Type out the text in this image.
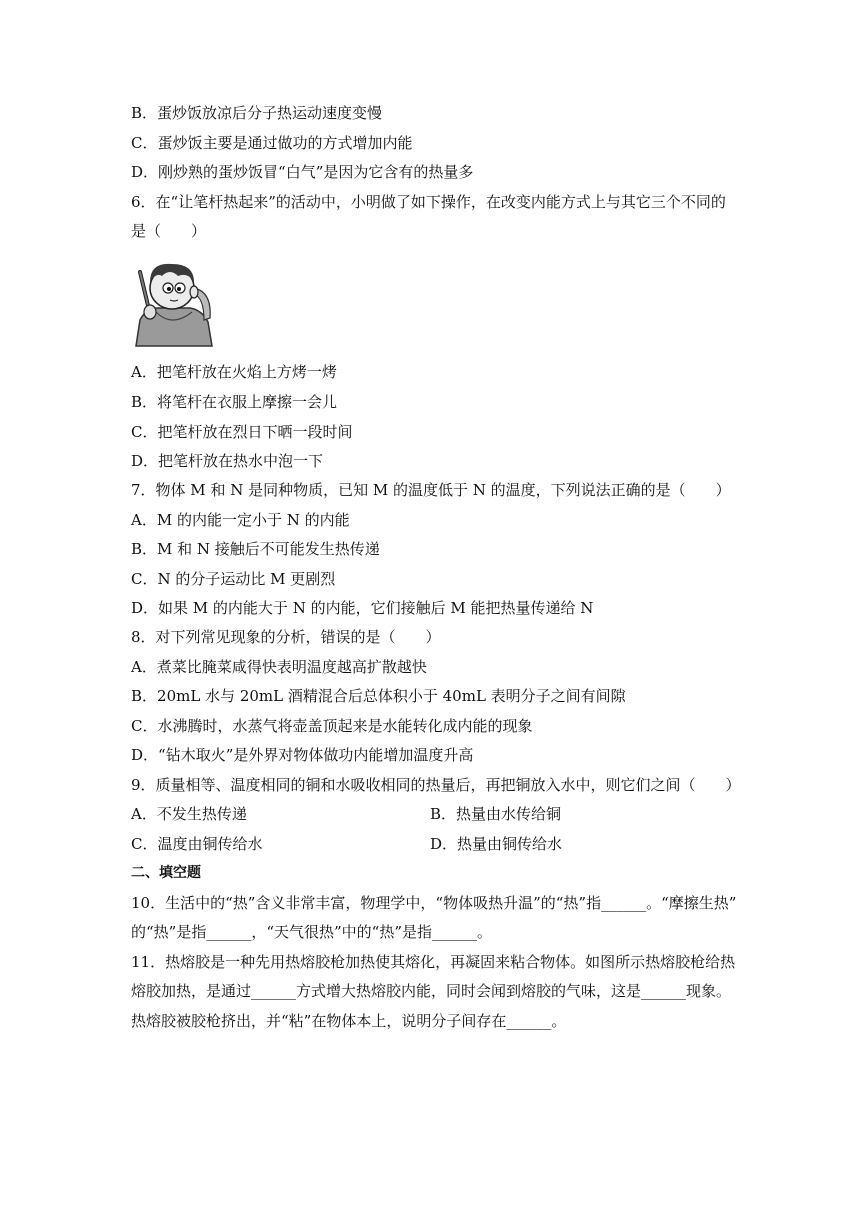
B．蛋炒饭放凉后分子热运动速度变慢
C．蛋炒饭主要是通过做功的方式增加内能
D．刚炒熟的蛋炒饭冒“白气”是因为它含有的热量多
6．在“让笔杆热起来”的活动中，小明做了如下操作，在改变内能方式上与其它三个不同的
是（　　）
A．把笔杆放在火焰上方烤一烤
B．将笔杆在衣服上摩擦一会儿
C．把笔杆放在烈日下晒一段时间
D．把笔杆放在热水中泡一下
7．物体 M 和 N 是同种物质，已知 M 的温度低于 N 的温度，下列说法正确的是（　　）
A．M 的内能一定小于 N 的内能
B．M 和 N 接触后不可能发生热传递
C．N 的分子运动比 M 更剧烈
D．如果 M 的内能大于 N 的内能，它们接触后 M 能把热量传递给 N
8．对下列常见现象的分析，错误的是（　　）
A．煮菜比腌菜咸得快表明温度越高扩散越快
B．20mL 水与 20mL 酒精混合后总体积小于 40mL 表明分子之间有间隙
C．水沸腾时，水蒸气将壶盖顶起来是水能转化成内能的现象
D．“钻木取火”是外界对物体做功内能增加温度升高
9．质量相等、温度相同的铜和水吸收相同的热量后，再把铜放入水中，则它们之间（　　）
A．不发生热传递	B．热量由水传给铜
C．温度由铜传给水	D．热量由铜传给水
二、填空题
10．生活中的“热”含义非常丰富，物理学中，“物体吸热升温”的“热”指______。“摩擦生热”
的“热”是指______，“天气很热”中的“热”是指______。
11．热熔胶是一种先用热熔胶枪加热使其熔化，再凝固来粘合物体。如图所示热熔胶枪给热
熔胶加热，是通过______方式增大热熔胶内能，同时会闻到熔胶的气味，这是______现象。
热熔胶被胶枪挤出，并“粘”在物体本上，说明分子间存在______。
